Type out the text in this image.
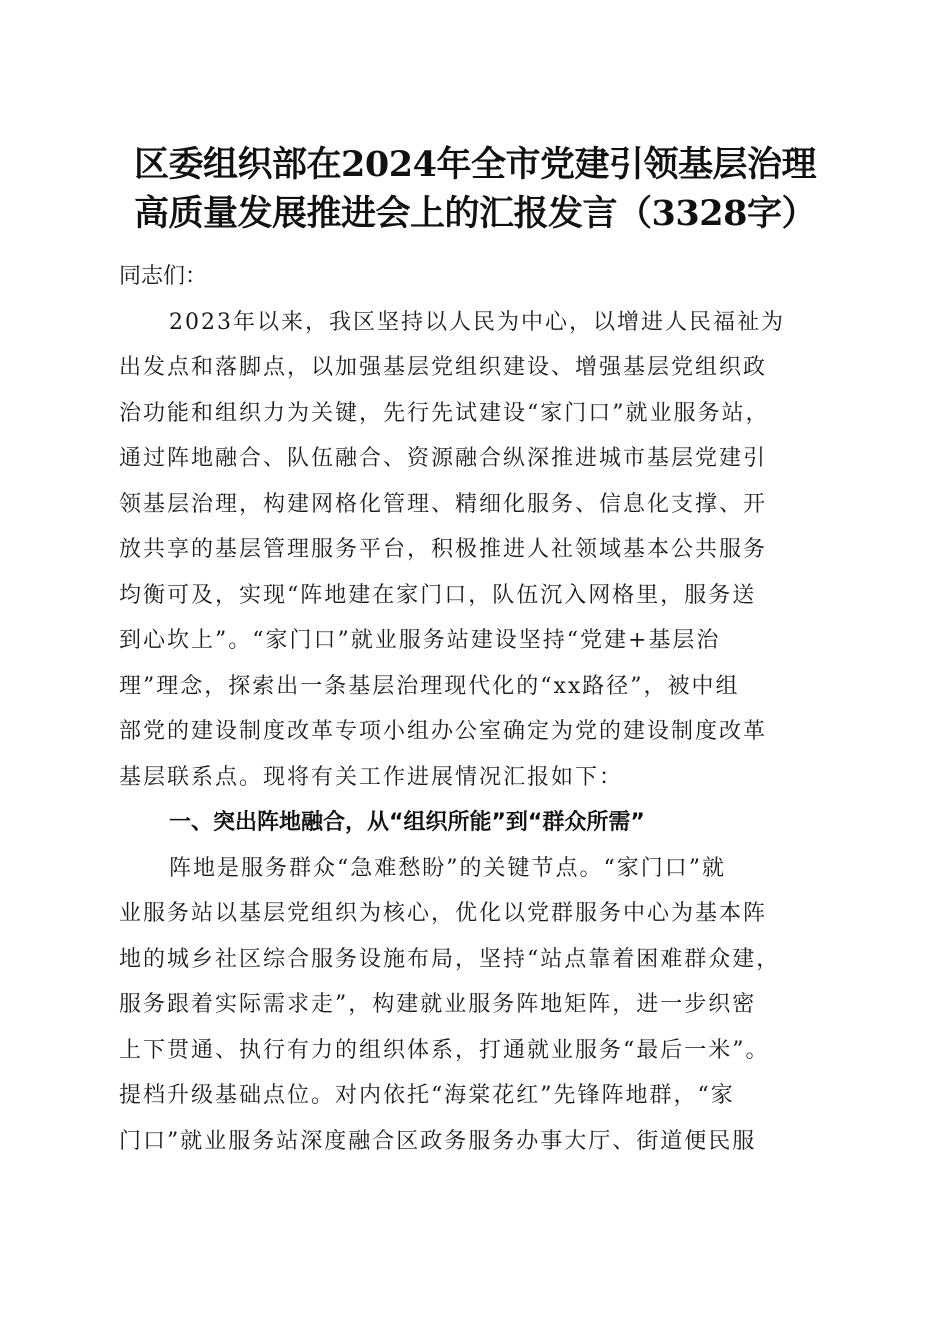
区委组织部在2024年全市党建引领基层治理
高质量发展推进会上的汇报发言（3328字）
同志们：
2023年以来，我区坚持以人民为中心，以增进人民福祉为
出发点和落脚点，以加强基层党组织建设、增强基层党组织政
治功能和组织力为关键，先行先试建设“家门口”就业服务站，
通过阵地融合、队伍融合、资源融合纵深推进城市基层党建引
领基层治理，构建网格化管理、精细化服务、信息化支撑、开
放共享的基层管理服务平台，积极推进人社领域基本公共服务
均衡可及，实现“阵地建在家门口，队伍沉入网格里，服务送
到心坎上”。“家门口”就业服务站建设坚持“党建+基层治
理”理念，探索出一条基层治理现代化的“xx路径”，被中组
部党的建设制度改革专项小组办公室确定为党的建设制度改革
基层联系点。现将有关工作进展情况汇报如下：
一、突出阵地融合，从“组织所能”到“群众所需”
阵地是服务群众“急难愁盼”的关键节点。“家门口”就
业服务站以基层党组织为核心，优化以党群服务中心为基本阵
地的城乡社区综合服务设施布局，坚持“站点靠着困难群众建，
服务跟着实际需求走”，构建就业服务阵地矩阵，进一步织密
上下贯通、执行有力的组织体系，打通就业服务“最后一米”。
提档升级基础点位。对内依托“海棠花红”先锋阵地群，“家
门口”就业服务站深度融合区政务服务办事大厅、街道便民服
